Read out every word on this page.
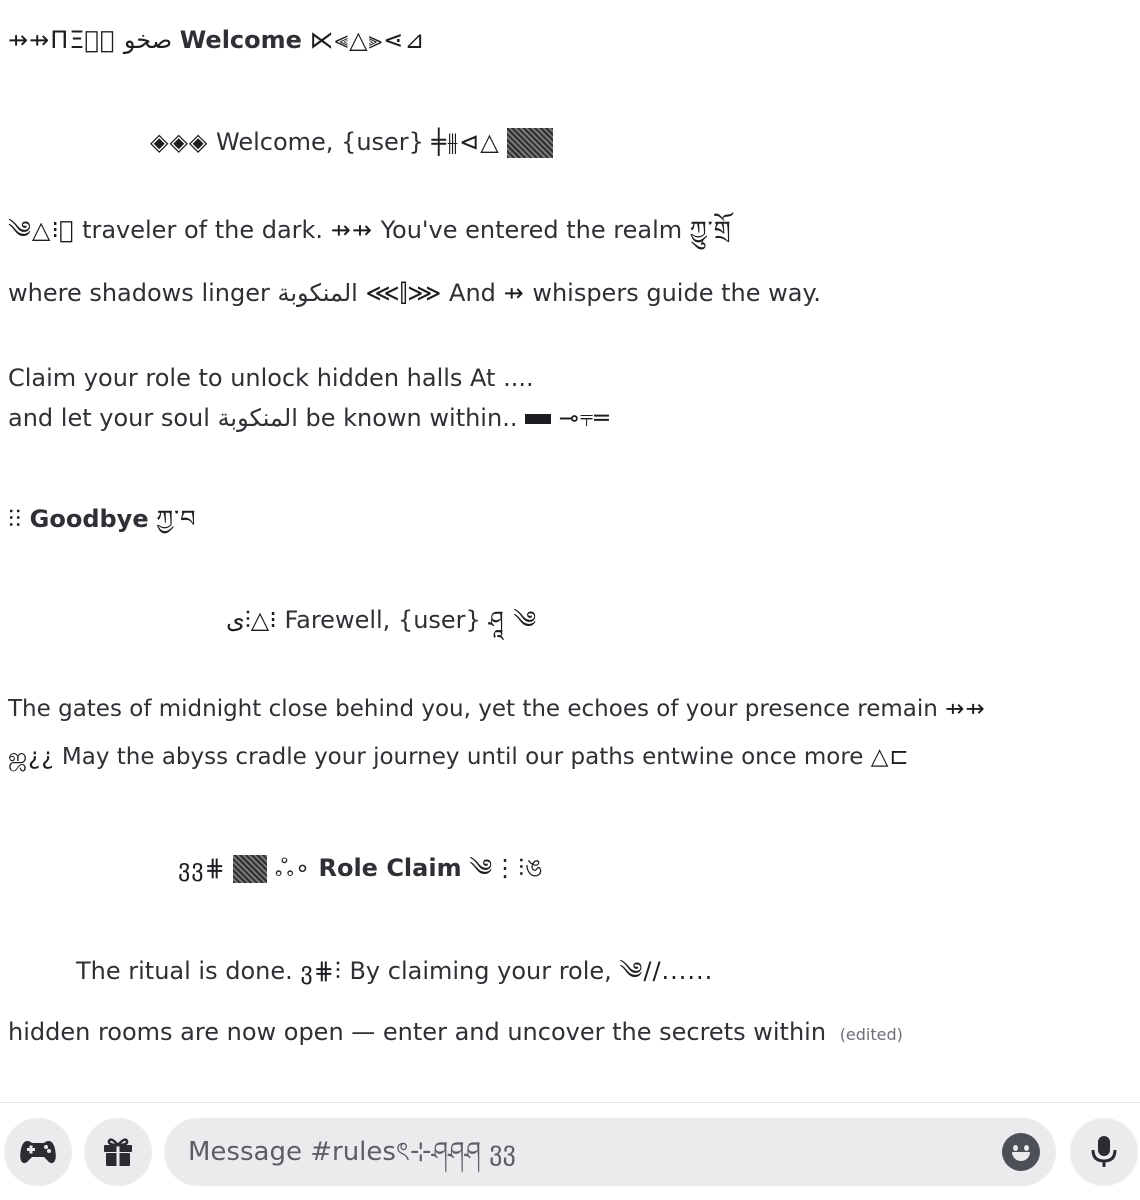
⇸⇸ΠΞ⃒⫼ صخو Welcome ⋉⫷△⫸⋖⊿
◈◈◈ Welcome, {user} ╪⫵⊲△
༄△⁝⃒ traveler of the dark. ⇸⇸ You've entered the realm ཀྱུ་གྲོ
where shadows linger المنكوبة ⋘⫿⋙ And ⇸ whispers guide the way.
Claim your role to unlock hidden halls At ....
and let your soul المنكوبة be known within.. ⊸⫧═
⫶⫶ Goodbye ཀྱ་བ
ی⫶△⁝ Farewell, {user} ཤཱ ༄
The gates of midnight close behind you, yet the echoes of your presence remain ⇸⇸
ஜ¿¿ May the abyss cradle your journey until our paths entwine once more △⊏
ვვ⋕ ஃ∘ Role Claim ༄⋮⫶ঙ
The ritual is done. ვ⋕⫶ By claiming your role, ༄//......
hidden rooms are now open — enter and uncover the secrets within (edited)
Message #rulesৎ⊹ཤཤཤ ვვ
